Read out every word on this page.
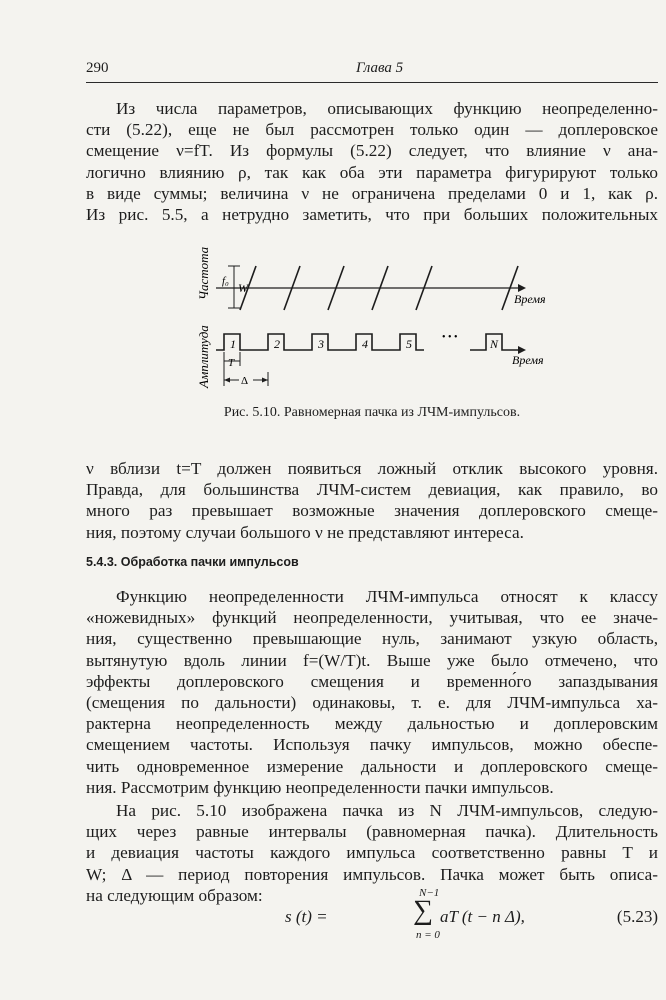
290	Глава 5
Из числа параметров, описывающих функцию неопределенно-
сти (5.22), еще не был рассмотрен только один — доплеровское
смещение ν=fT. Из формулы (5.22) следует, что влияние ν ана-
логично влиянию ρ, так как оба эти параметра фигурируют только
в виде суммы; величина ν не ограничена пределами 0 и 1, как ρ.
Из рис. 5.5, а нетрудно заметить, что при больших положительных
Частота
Амплитуда
f₀ W
Время
1	2	3	4	5	• • •	N
Время
T
Δ
Рис. 5.10. Равномерная пачка из ЛЧМ-импульсов.
ν вблизи t=T должен появиться ложный отклик высокого уровня.
Правда, для большинства ЛЧМ-систем девиация, как правило, во
много раз превышает возможные значения доплеровского смеще-
ния, поэтому случаи большого ν не представляют интереса.
5.4.3. Обработка пачки импульсов
Функцию неопределенности ЛЧМ-импульса относят к классу
«ножевидных» функций неопределенности, учитывая, что ее значе-
ния, существенно превышающие нуль, занимают узкую область,
вытянутую вдоль линии f=(W/T)t. Выше уже было отмечено, что
эффекты доплеровского смещения и временно́го запаздывания
(смещения по дальности) одинаковы, т. е. для ЛЧМ-импульса ха-
рактерна неопределенность между дальностью и доплеровским
смещением частоты. Используя пачку импульсов, можно обеспе-
чить одновременное измерение дальности и доплеровского смеще-
ния. Рассмотрим функцию неопределенности пачки импульсов.
На рис. 5.10 изображена пачка из N ЛЧМ-импульсов, следую-
щих через равные интервалы (равномерная пачка). Длительность
и девиация частоты каждого импульса соответственно равны T и
W; Δ — период повторения импульсов. Пачка может быть описа-
на следующим образом:
s (t) =
N−1
∑
n = 0
aT (t − n Δ),	(5.23)
